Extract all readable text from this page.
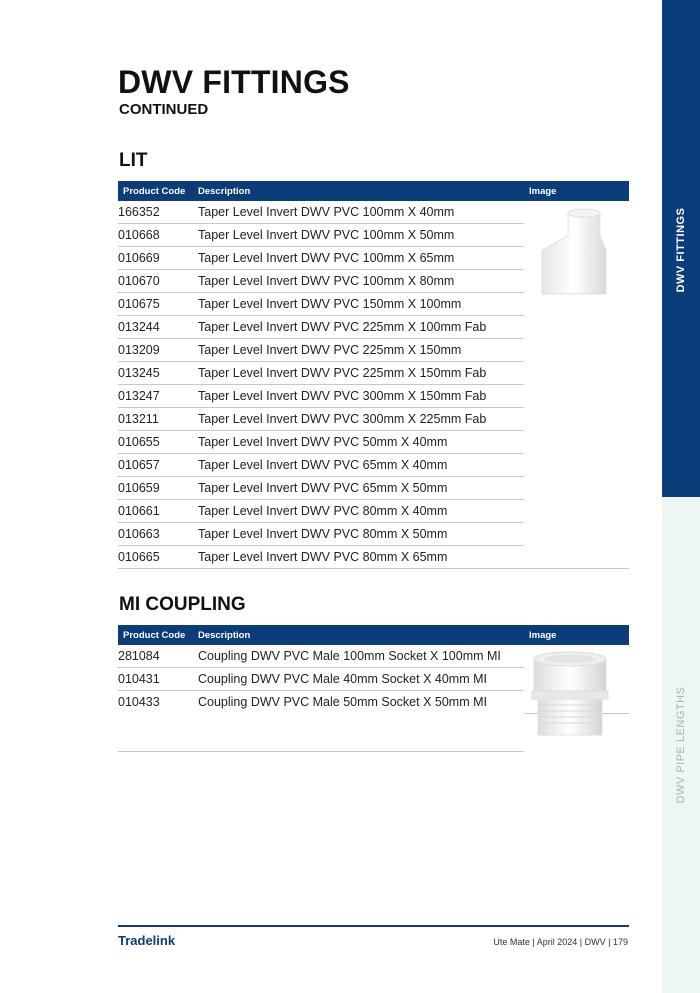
DWV FITTINGS
CONTINUED
LIT
Product Code	Description	Image
166352	Taper Level Invert DWV PVC 100mm X 40mm	
010668	Taper Level Invert DWV PVC 100mm X 50mm	
010669	Taper Level Invert DWV PVC 100mm X 65mm	
010670	Taper Level Invert DWV PVC 100mm X 80mm	
010675	Taper Level Invert DWV PVC 150mm X 100mm	
013244	Taper Level Invert DWV PVC 225mm X 100mm Fab	
013209	Taper Level Invert DWV PVC 225mm X 150mm	
013245	Taper Level Invert DWV PVC 225mm X 150mm Fab	
013247	Taper Level Invert DWV PVC 300mm X 150mm Fab	
013211	Taper Level Invert DWV PVC 300mm X 225mm Fab	
010655	Taper Level Invert DWV PVC 50mm X 40mm	
010657	Taper Level Invert DWV PVC 65mm X 40mm	
010659	Taper Level Invert DWV PVC 65mm X 50mm	
010661	Taper Level Invert DWV PVC 80mm X 40mm	
010663	Taper Level Invert DWV PVC 80mm X 50mm	
010665	Taper Level Invert DWV PVC 80mm X 65mm	
MI COUPLING
Product Code	Description	Image
281084	Coupling DWV PVC Male 100mm Socket X 100mm MI	
010431	Coupling DWV PVC Male 40mm Socket X 40mm MI	
010433	Coupling DWV PVC Male 50mm Socket X 50mm MI	

DWV FITTINGS
DWV PIPE LENGTHS
Tradelink	Ute Mate | April 2024 | DWV | 179
